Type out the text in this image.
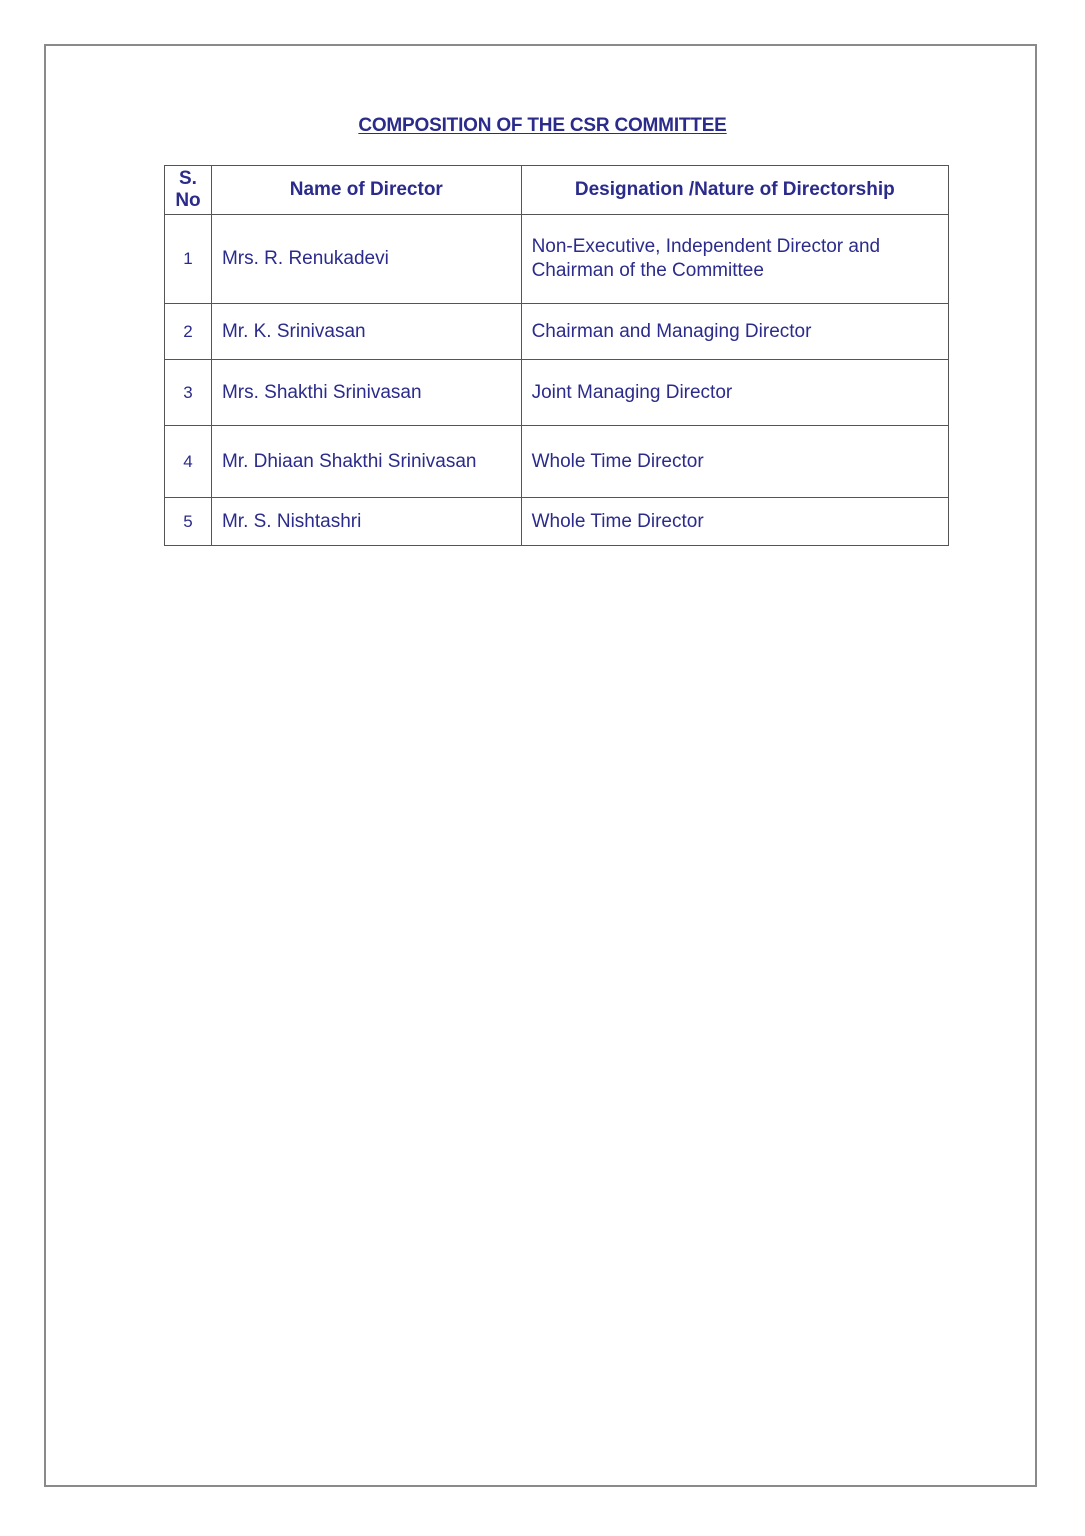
COMPOSITION OF THE CSR COMMITTEE
S.
No	Name of Director	Designation /Nature of Directorship
1	Mrs. R. Renukadevi	Non-Executive, Independent Director and
Chairman of the Committee
2	Mr. K. Srinivasan	Chairman and Managing Director
3	Mrs. Shakthi Srinivasan	Joint Managing Director
4	Mr. Dhiaan Shakthi Srinivasan	Whole Time Director
5	Mr. S. Nishtashri	Whole Time Director
